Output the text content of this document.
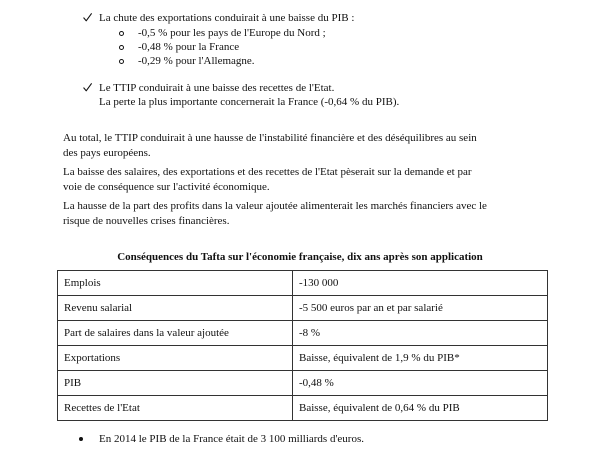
La chute des exportations conduirait à une baisse du PIB :
-0,5 % pour les pays de l'Europe du Nord ;
-0,48 % pour la France
-0,29 % pour l'Allemagne.
Le TTIP conduirait à une baisse des recettes de l'Etat.
La perte la plus importante concernerait la France (-0,64 % du PIB).
Au total, le TTIP conduirait à une hausse de l'instabilité financière et des déséquilibres au sein
des pays européens.
La baisse des salaires, des exportations et des recettes de l'Etat pèserait sur la demande et par
voie de conséquence sur l'activité économique.
La hausse de la part des profits dans la valeur ajoutée alimenterait les marchés financiers avec le
risque de nouvelles crises financières.
Conséquences du Tafta sur l'économie française, dix ans après son application
Emplois	-130 000
Revenu salarial	-5 500 euros par an et par salarié
Part de salaires dans la valeur ajoutée	-8 %
Exportations	Baisse, équivalent de 1,9 % du PIB*
PIB	-0,48 %
Recettes de l'Etat	Baisse, équivalent de 0,64 % du PIB
En 2014 le PIB de la France était de 3 100 milliards d'euros.
